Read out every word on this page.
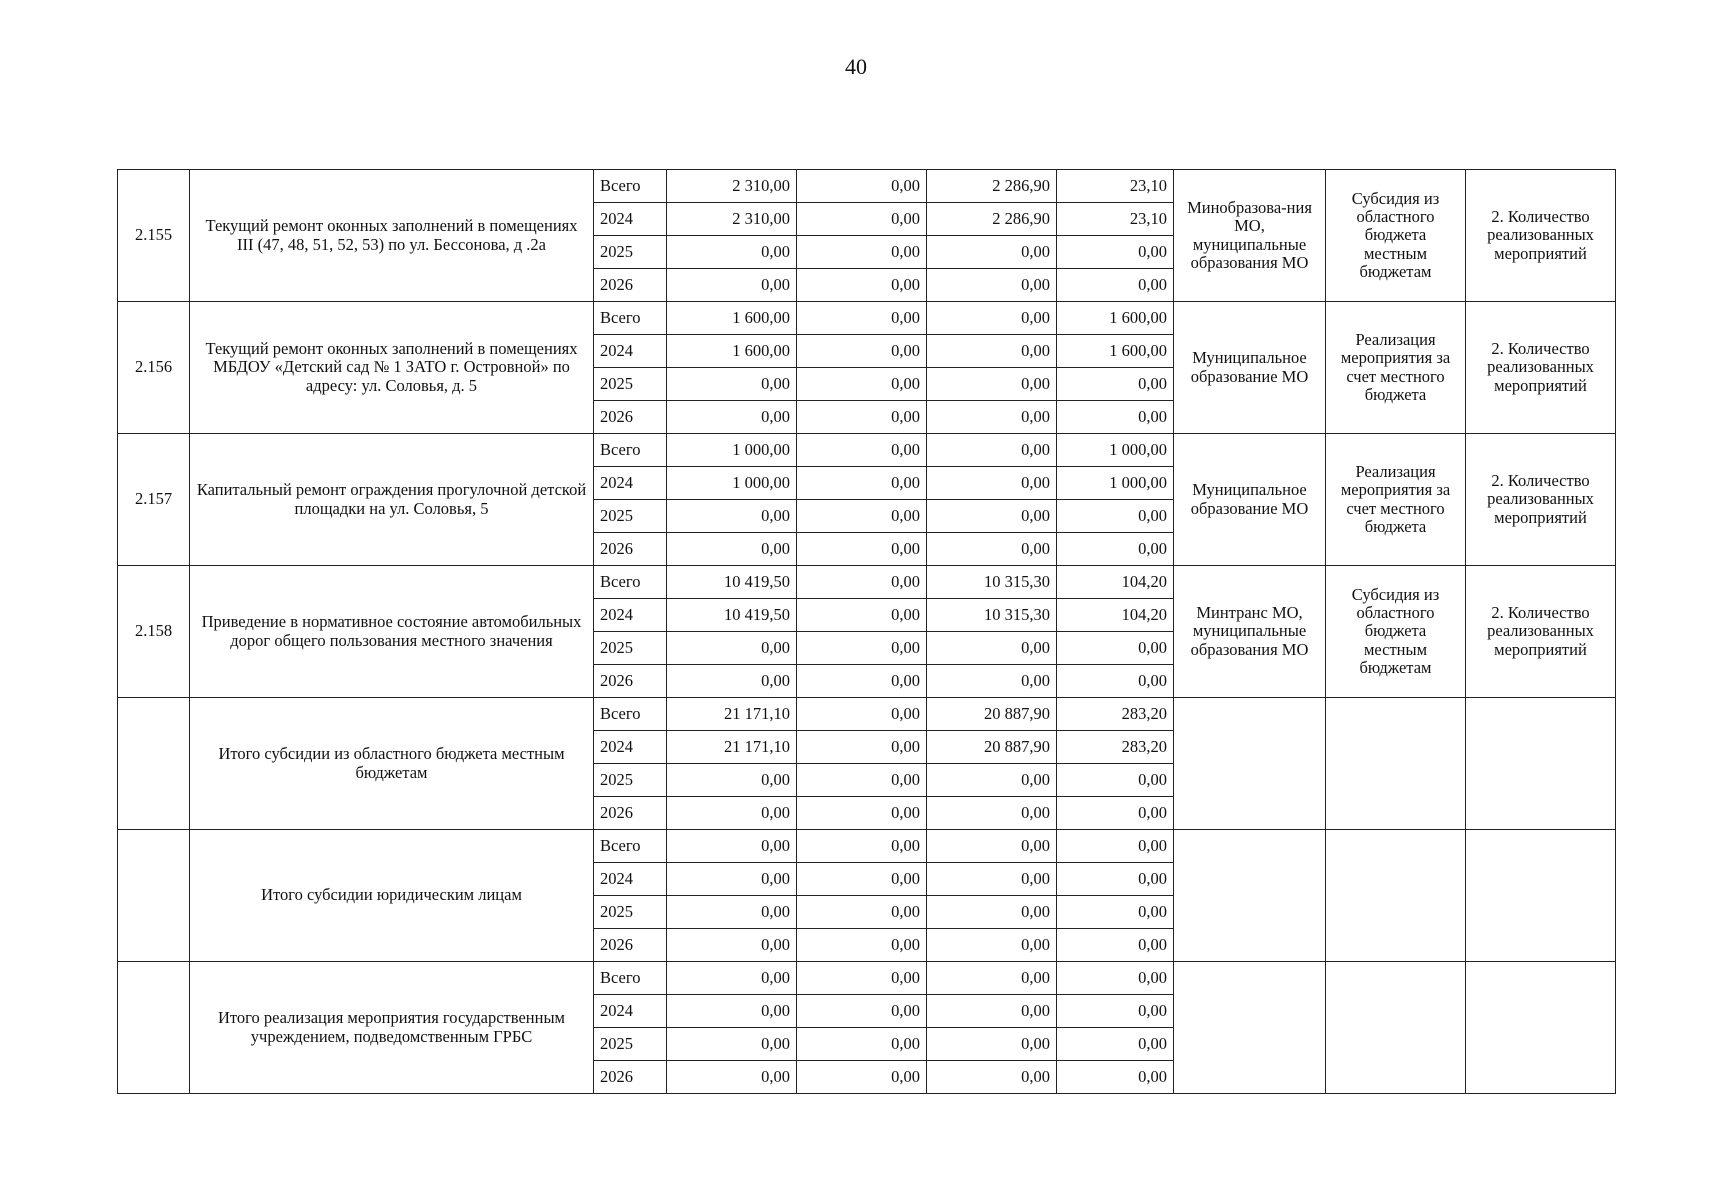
40
2.155	Текущий ремонт оконных заполнений в помещениях III (47, 48, 51, 52, 53) по ул. Бессонова, д .2а	Всего	2 310,00	0,00	2 286,90	23,10	Минобразова-ния МО, муниципальные образования МО	Субсидия из областного бюджета местным бюджетам	2. Количество реализованных мероприятий
		2024	2 310,00	0,00	2 286,90	23,10			
		2025	0,00	0,00	0,00	0,00			
		2026	0,00	0,00	0,00	0,00			
2.156	Текущий ремонт оконных заполнений в помещениях МБДОУ «Детский сад № 1 ЗАТО г. Островной» по адресу: ул. Соловья, д. 5	Всего	1 600,00	0,00	0,00	1 600,00	Муниципальное образование МО	Реализация мероприятия за счет местного бюджета	2. Количество реализованных мероприятий
		2024	1 600,00	0,00	0,00	1 600,00			
		2025	0,00	0,00	0,00	0,00			
		2026	0,00	0,00	0,00	0,00			
2.157	Капитальный ремонт ограждения прогулочной детской площадки на ул. Соловья, 5	Всего	1 000,00	0,00	0,00	1 000,00	Муниципальное образование МО	Реализация мероприятия за счет местного бюджета	2. Количество реализованных мероприятий
		2024	1 000,00	0,00	0,00	1 000,00			
		2025	0,00	0,00	0,00	0,00			
		2026	0,00	0,00	0,00	0,00			
2.158	Приведение в нормативное состояние автомобильных дорог общего пользования местного значения	Всего	10 419,50	0,00	10 315,30	104,20	Минтранс МО, муниципальные образования МО	Субсидия из областного бюджета местным бюджетам	2. Количество реализованных мероприятий
		2024	10 419,50	0,00	10 315,30	104,20			
		2025	0,00	0,00	0,00	0,00			
		2026	0,00	0,00	0,00	0,00			
	Итого субсидии из областного бюджета местным бюджетам	Всего	21 171,10	0,00	20 887,90	283,20			
		2024	21 171,10	0,00	20 887,90	283,20			
		2025	0,00	0,00	0,00	0,00			
		2026	0,00	0,00	0,00	0,00			
	Итого субсидии юридическим лицам	Всего	0,00	0,00	0,00	0,00			
		2024	0,00	0,00	0,00	0,00			
		2025	0,00	0,00	0,00	0,00			
		2026	0,00	0,00	0,00	0,00			
	Итого реализация мероприятия государственным учреждением, подведомственным ГРБС	Всего	0,00	0,00	0,00	0,00			
		2024	0,00	0,00	0,00	0,00			
		2025	0,00	0,00	0,00	0,00			
		2026	0,00	0,00	0,00	0,00			
